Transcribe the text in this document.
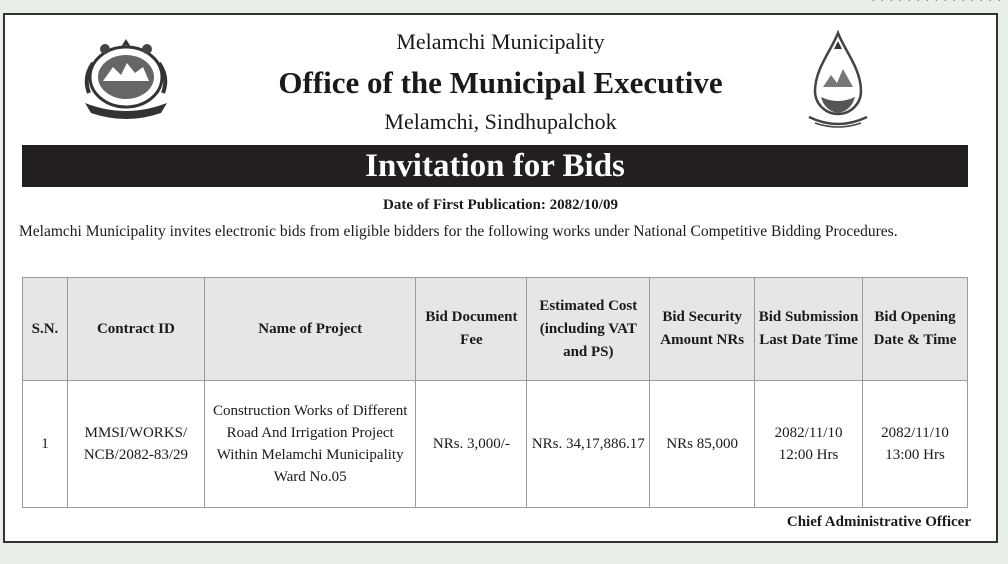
· · · · · · · · · · · · · · ·
Melamchi Municipality
Office of the Municipal Executive
Melamchi, Sindhupalchok
Invitation for Bids
Date of First Publication: 2082/10/09
Melamchi Municipality invites electronic bids from eligible bidders for the following works under National Competitive Bidding Procedures.
S.N.	Contract ID	Name of Project	Bid Document Fee	Estimated Cost (including VAT and PS)	Bid Security Amount NRs	Bid Submission Last Date Time	Bid Opening Date & Time
1	MMSI/WORKS/ NCB/2082-83/29	Construction Works of Different Road And Irrigation Project Within Melamchi Municipality Ward No.05	NRs. 3,000/-	NRs. 34,17,886.17	NRs 85,000	2082/11/10 12:00 Hrs	2082/11/10 13:00 Hrs
Chief Administrative Officer
